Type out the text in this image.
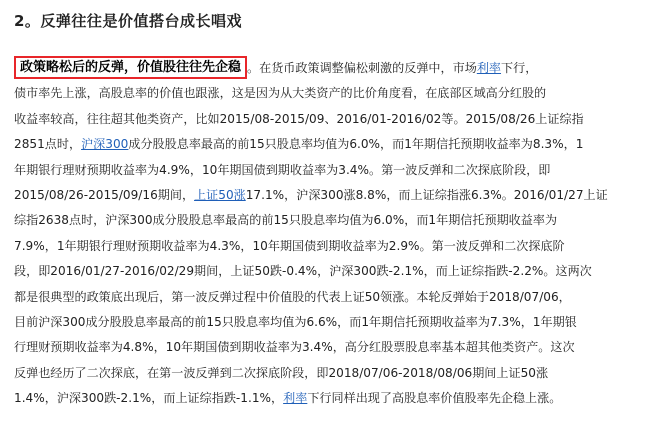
2。反弹往往是价值搭台成长唱戏
政策略松后的反弹，价值股往往先企稳 。在货币政策调整偏松刺激的反弹中，市场利率下行，
债市率先上涨，高股息率的价值也跟涨，这是因为从大类资产的比价角度看，在底部区域高分红股的
收益率较高，往往超其他类资产，比如2015/08-2015/09、2016/01-2016/02等。2015/08/26上证综指
2851点时，沪深300成分股股息率最高的前15只股息率均值为6.0%，而1年期信托预期收益率为8.3%，1
年期银行理财预期收益率为4.9%，10年期国债到期收益率为3.4%。第一波反弹和二次探底阶段，即
2015/08/26-2015/09/16期间，上证50涨17.1%，沪深300涨8.8%，而上证综指涨6.3%。2016/01/27上证
综指2638点时，沪深300成分股股息率最高的前15只股息率均值为6.0%，而1年期信托预期收益率为
7.9%，1年期银行理财预期收益率为4.3%，10年期国债到期收益率为2.9%。第一波反弹和二次探底阶
段，即2016/01/27-2016/02/29期间，上证50跌-0.4%，沪深300跌-2.1%，而上证综指跌-2.2%。这两次
都是很典型的政策底出现后，第一波反弹过程中价值股的代表上证50领涨。本轮反弹始于2018/07/06，
目前沪深300成分股股息率最高的前15只股息率均值为6.6%，而1年期信托预期收益率为7.3%，1年期银
行理财预期收益率为4.8%，10年期国债到期收益率为3.4%，高分红股票股息率基本超其他类资产。这次
反弹也经历了二次探底，在第一波反弹到二次探底阶段，即2018/07/06-2018/08/06期间上证50涨
1.4%，沪深300跌-2.1%，而上证综指跌-1.1%，利率下行同样出现了高股息率价值股率先企稳上涨。
